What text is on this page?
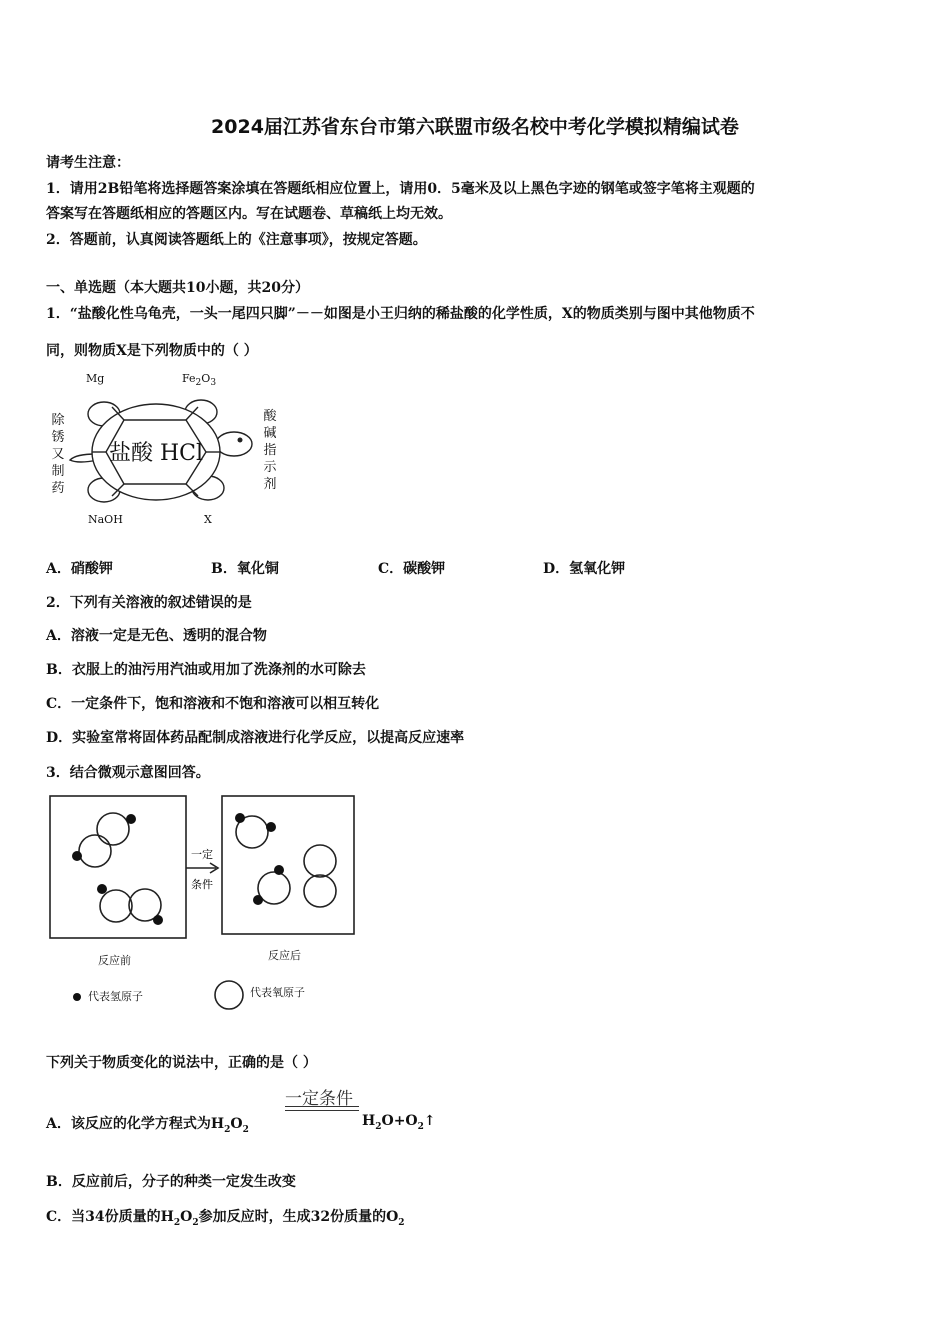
2024届江苏省东台市第六联盟市级名校中考化学模拟精编试卷
请考生注意：
1．请用2B铅笔将选择题答案涂填在答题纸相应位置上，请用0．5毫米及以上黑色字迹的钢笔或签字笔将主观题的
答案写在答题纸相应的答题区内。写在试题卷、草稿纸上均无效。
2．答题前，认真阅读答题纸上的《注意事项》，按规定答题。
一、单选题（本大题共10小题，共20分）
1．“盐酸化性乌龟壳，一头一尾四只脚”－－如图是小王归纳的稀盐酸的化学性质，X的物质类别与图中其他物质不
同，则物质X是下列物质中的（ ）
Mg	$Fe_2O_3$
NaOH	X
除锈又制药
酸碱指示剂
盐酸 HCl
A．硝酸钾	B．氧化铜	C．碳酸钾	D．氢氧化钾
2．下列有关溶液的叙述错误的是
A．溶液一定是无色、透明的混合物
B．衣服上的油污用汽油或用加了洗涤剂的水可除去
C．一定条件下，饱和溶液和不饱和溶液可以相互转化
D．实验室常将固体药品配制成溶液进行化学反应，以提高反应速率
3．结合微观示意图回答。
一定
条件
反应前	反应后
代表氢原子	代表氧原子
下列关于物质变化的说法中，正确的是（ ）
A．该反应的化学方程式为$H_2O_2$
一定条件
$H_2O+O_2↑$
B．反应前后，分子的种类一定发生改变
C．当34份质量的$H_2O_2$参加反应时，生成32份质量的$O_2$
